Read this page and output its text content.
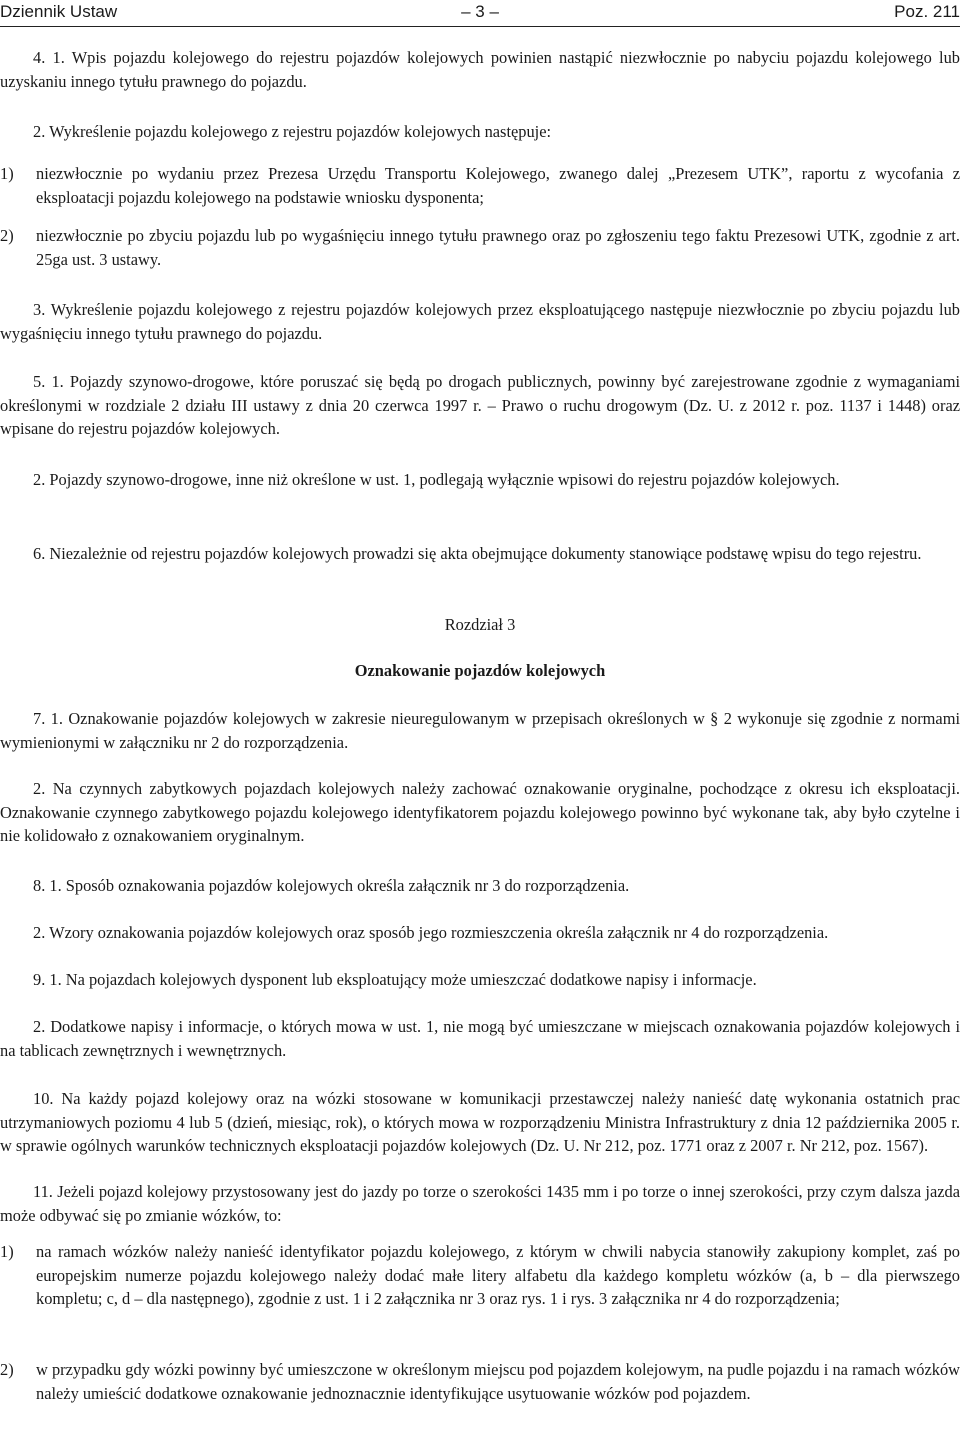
Dziennik Ustaw	– 3 –	Poz. 211

4. 1. Wpis pojazdu kolejowego do rejestru pojazdów kolejowych powinien nastąpić niezwłocznie po nabyciu pojazdu kolejowego lub uzyskaniu innego tytułu prawnego do pojazdu.

2. Wykreślenie pojazdu kolejowego z rejestru pojazdów kolejowych następuje:

1) niezwłocznie po wydaniu przez Prezesa Urzędu Transportu Kolejowego, zwanego dalej „Prezesem UTK”, raportu z wycofania z eksploatacji pojazdu kolejowego na podstawie wniosku dysponenta;
2) niezwłocznie po zbyciu pojazdu lub po wygaśnięciu innego tytułu prawnego oraz po zgłoszeniu tego faktu Prezesowi UTK, zgodnie z art. 25ga ust. 3 ustawy.

3. Wykreślenie pojazdu kolejowego z rejestru pojazdów kolejowych przez eksploatującego następuje niezwłocznie po zbyciu pojazdu lub wygaśnięciu innego tytułu prawnego do pojazdu.

5. 1. Pojazdy szynowo-drogowe, które poruszać się będą po drogach publicznych, powinny być zarejestrowane zgodnie z wymaganiami określonymi w rozdziale 2 działu III ustawy z dnia 20 czerwca 1997 r. – Prawo o ruchu drogowym (Dz. U. z 2012 r. poz. 1137 i 1448) oraz wpisane do rejestru pojazdów kolejowych.

2. Pojazdy szynowo-drogowe, inne niż określone w ust. 1, podlegają wyłącznie wpisowi do rejestru pojazdów kolejowych.

6. Niezależnie od rejestru pojazdów kolejowych prowadzi się akta obejmujące dokumenty stanowiące podstawę wpisu do tego rejestru.

Rozdział 3

Oznakowanie pojazdów kolejowych

7. 1. Oznakowanie pojazdów kolejowych w zakresie nieuregulowanym w przepisach określonych w § 2 wykonuje się zgodnie z normami wymienionymi w załączniku nr 2 do rozporządzenia.

2. Na czynnych zabytkowych pojazdach kolejowych należy zachować oznakowanie oryginalne, pochodzące z okresu ich eksploatacji. Oznakowanie czynnego zabytkowego pojazdu kolejowego identyfikatorem pojazdu kolejowego powinno być wykonane tak, aby było czytelne i nie kolidowało z oznakowaniem oryginalnym.

8. 1. Sposób oznakowania pojazdów kolejowych określa załącznik nr 3 do rozporządzenia.

2. Wzory oznakowania pojazdów kolejowych oraz sposób jego rozmieszczenia określa załącznik nr 4 do rozporządzenia.

9. 1. Na pojazdach kolejowych dysponent lub eksploatujący może umieszczać dodatkowe napisy i informacje.

2. Dodatkowe napisy i informacje, o których mowa w ust. 1, nie mogą być umieszczane w miejscach oznakowania pojazdów kolejowych i na tablicach zewnętrznych i wewnętrznych.

10. Na każdy pojazd kolejowy oraz na wózki stosowane w komunikacji przestawczej należy nanieść datę wykonania ostatnich prac utrzymaniowych poziomu 4 lub 5 (dzień, miesiąc, rok), o których mowa w rozporządzeniu Ministra Infrastruktury z dnia 12 października 2005 r. w sprawie ogólnych warunków technicznych eksploatacji pojazdów kolejowych (Dz. U. Nr 212, poz. 1771 oraz z 2007 r. Nr 212, poz. 1567).

11. Jeżeli pojazd kolejowy przystosowany jest do jazdy po torze o szerokości 1435 mm i po torze o innej szerokości, przy czym dalsza jazda może odbywać się po zmianie wózków, to:

1) na ramach wózków należy nanieść identyfikator pojazdu kolejowego, z którym w chwili nabycia stanowiły zakupiony komplet, zaś po europejskim numerze pojazdu kolejowego należy dodać małe litery alfabetu dla każdego kompletu wózków (a, b – dla pierwszego kompletu; c, d – dla następnego), zgodnie z ust. 1 i 2 załącznika nr 3 oraz rys. 1 i rys. 3 załącznika nr 4 do rozporządzenia;
2) w przypadku gdy wózki powinny być umieszczone w określonym miejscu pod pojazdem kolejowym, na pudle pojazdu i na ramach wózków należy umieścić dodatkowe oznakowanie jednoznacznie identyfikujące usytuowanie wózków pod pojazdem.
